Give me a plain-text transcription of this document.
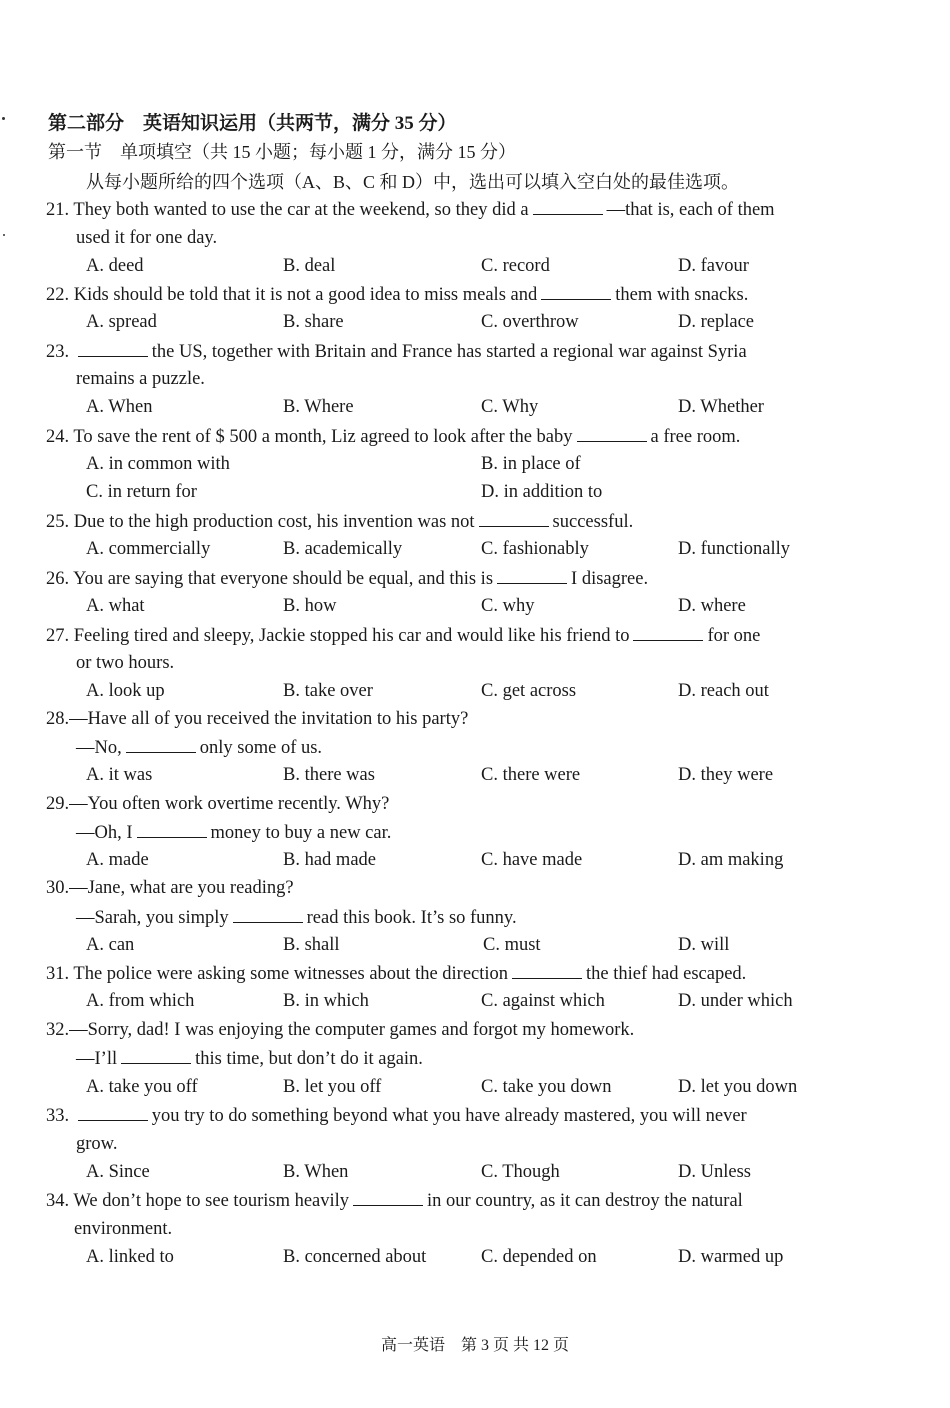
第二部分　英语知识运用（共两节，满分 35 分）
第一节　单项填空（共 15 小题；每小题 1 分，满分 15 分）
从每小题所给的四个选项（A、B、C 和 D）中，选出可以填入空白处的最佳选项。
21. They both wanted to use the car at the weekend, so they did a	—that is, each of them
used it for one day.
A. deed	B. deal	C. record	D. favour
22. Kids should be told that it is not a good idea to miss meals and	them with snacks.
A. spread	B. share	C. overthrow	D. replace
23.	the US, together with Britain and France has started a regional war against Syria
remains a puzzle.
A. When	B. Where	C. Why	D. Whether
24. To save the rent of $ 500 a month, Liz agreed to look after the baby	a free room.
A. in common with	B. in place of
C. in return for	D. in addition to
25. Due to the high production cost, his invention was not	successful.
A. commercially	B. academically	C. fashionably	D. functionally
26. You are saying that everyone should be equal, and this is	I disagree.
A. what	B. how	C. why	D. where
27. Feeling tired and sleepy, Jackie stopped his car and would like his friend to	for one
or two hours.
A. look up	B. take over	C. get across	D. reach out
28.—Have all of you received the invitation to his party?
—No,	only some of us.
A. it was	B. there was	C. there were	D. they were
29.—You often work overtime recently. Why?
—Oh, I	money to buy a new car.
A. made	B. had made	C. have made	D. am making
30.—Jane, what are you reading?
—Sarah, you simply	read this book. It’s so funny.
A. can	B. shall	C. must	D. will
31. The police were asking some witnesses about the direction	the thief had escaped.
A. from which	B. in which	C. against which	D. under which
32.—Sorry, dad! I was enjoying the computer games and forgot my homework.
—I’ll	this time, but don’t do it again.
A. take you off	B. let you off	C. take you down	D. let you down
33.	you try to do something beyond what you have already mastered, you will never
grow.
A. Since	B. When	C. Though	D. Unless
34. We don’t hope to see tourism heavily	in our country, as it can destroy the natural
environment.
A. linked to	B. concerned about	C. depended on	D. warmed up
高一英语　第 3 页 共 12 页
